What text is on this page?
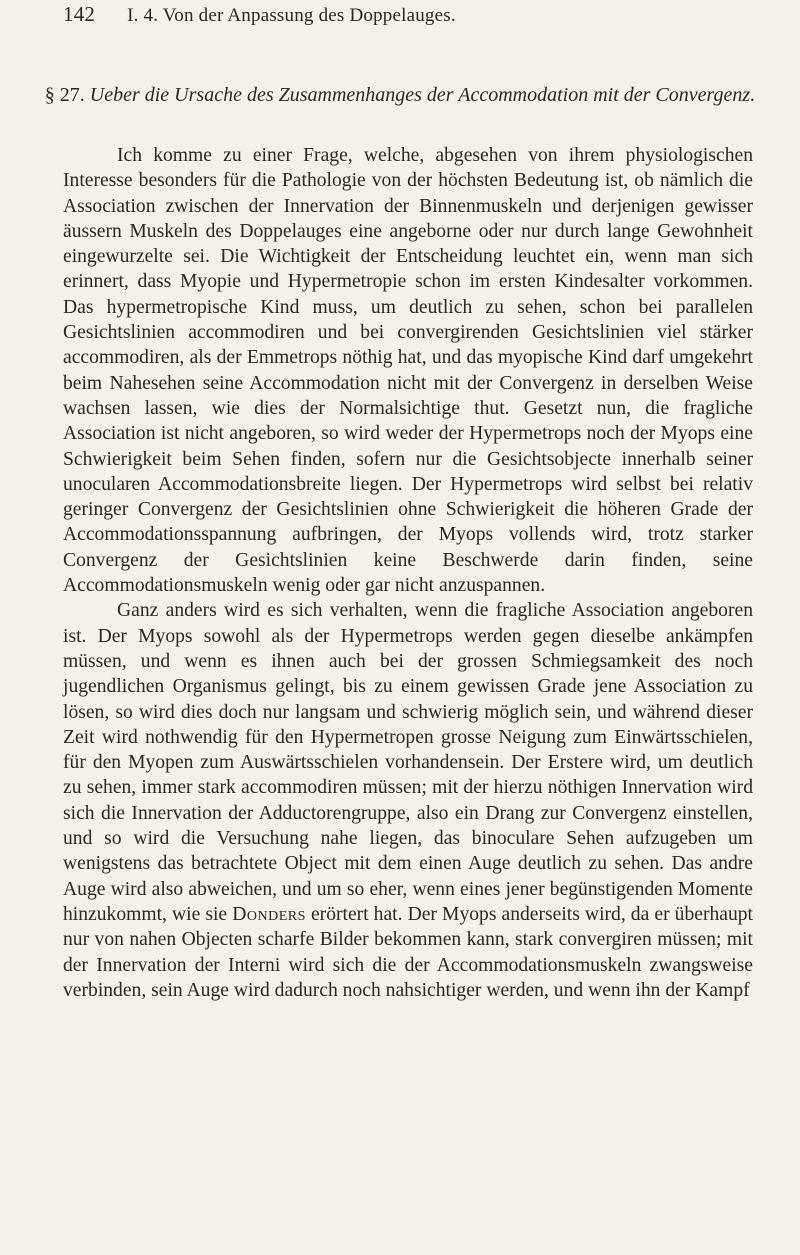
142 I. 4. Von der Anpassung des Doppelauges.
§ 27. Ueber die Ursache des Zusammenhanges der Accommodation mit der Convergenz.

Ich komme zu einer Frage, welche, abgesehen von ihrem physiologischen Interesse besonders für die Pathologie von der höchsten Bedeutung ist, ob nämlich die Association zwischen der Innervation der Binnenmuskeln und derjenigen gewisser äussern Muskeln des Doppelauges eine angeborne oder nur durch lange Gewohnheit eingewurzelte sei. Die Wichtigkeit der Entscheidung leuchtet ein, wenn man sich erinnert, dass Myopie und Hypermetropie schon im ersten Kindesalter vorkommen. Das hypermetropische Kind muss, um deutlich zu sehen, schon bei parallelen Gesichtslinien accommodiren und bei convergirenden Gesichtslinien viel stärker accommodiren, als der Emmetrops nöthig hat, und das myopische Kind darf umgekehrt beim Nahesehen seine Accommodation nicht mit der Convergenz in derselben Weise wachsen lassen, wie dies der Normalsichtige thut. Gesetzt nun, die fragliche Association ist nicht angeboren, so wird weder der Hypermetrops noch der Myops eine Schwierigkeit beim Sehen finden, sofern nur die Gesichtsobjecte innerhalb seiner unocularen Accommodationsbreite liegen. Der Hypermetrops wird selbst bei relativ geringer Convergenz der Gesichtslinien ohne Schwierigkeit die höheren Grade der Accommodationsspannung aufbringen, der Myops vollends wird, trotz starker Convergenz der Gesichtslinien keine Beschwerde darin finden, seine Accommodationsmuskeln wenig oder gar nicht anzuspannen.

Ganz anders wird es sich verhalten, wenn die fragliche Association angeboren ist. Der Myops sowohl als der Hypermetrops werden gegen dieselbe ankämpfen müssen, und wenn es ihnen auch bei der grossen Schmiegsamkeit des noch jugendlichen Organismus gelingt, bis zu einem gewissen Grade jene Association zu lösen, so wird dies doch nur langsam und schwierig möglich sein, und während dieser Zeit wird nothwendig für den Hypermetropen grosse Neigung zum Einwärtsschielen, für den Myopen zum Auswärtsschielen vorhandensein. Der Erstere wird, um deutlich zu sehen, immer stark accommodiren müssen; mit der hierzu nöthigen Innervation wird sich die Innervation der Adductorengruppe, also ein Drang zur Convergenz einstellen, und so wird die Versuchung nahe liegen, das binoculare Sehen aufzugeben um wenigstens das betrachtete Object mit dem einen Auge deutlich zu sehen. Das andre Auge wird also abweichen, und um so eher, wenn eines jener begünstigenden Momente hinzukommt, wie sie Donders erörtert hat. Der Myops anderseits wird, da er überhaupt nur von nahen Objecten scharfe Bilder bekommen kann, stark convergiren müssen; mit der Innervation der Interni wird sich die der Accommodationsmuskeln zwangsweise verbinden, sein Auge wird dadurch noch nahsichtiger werden, und wenn ihn der Kampf
